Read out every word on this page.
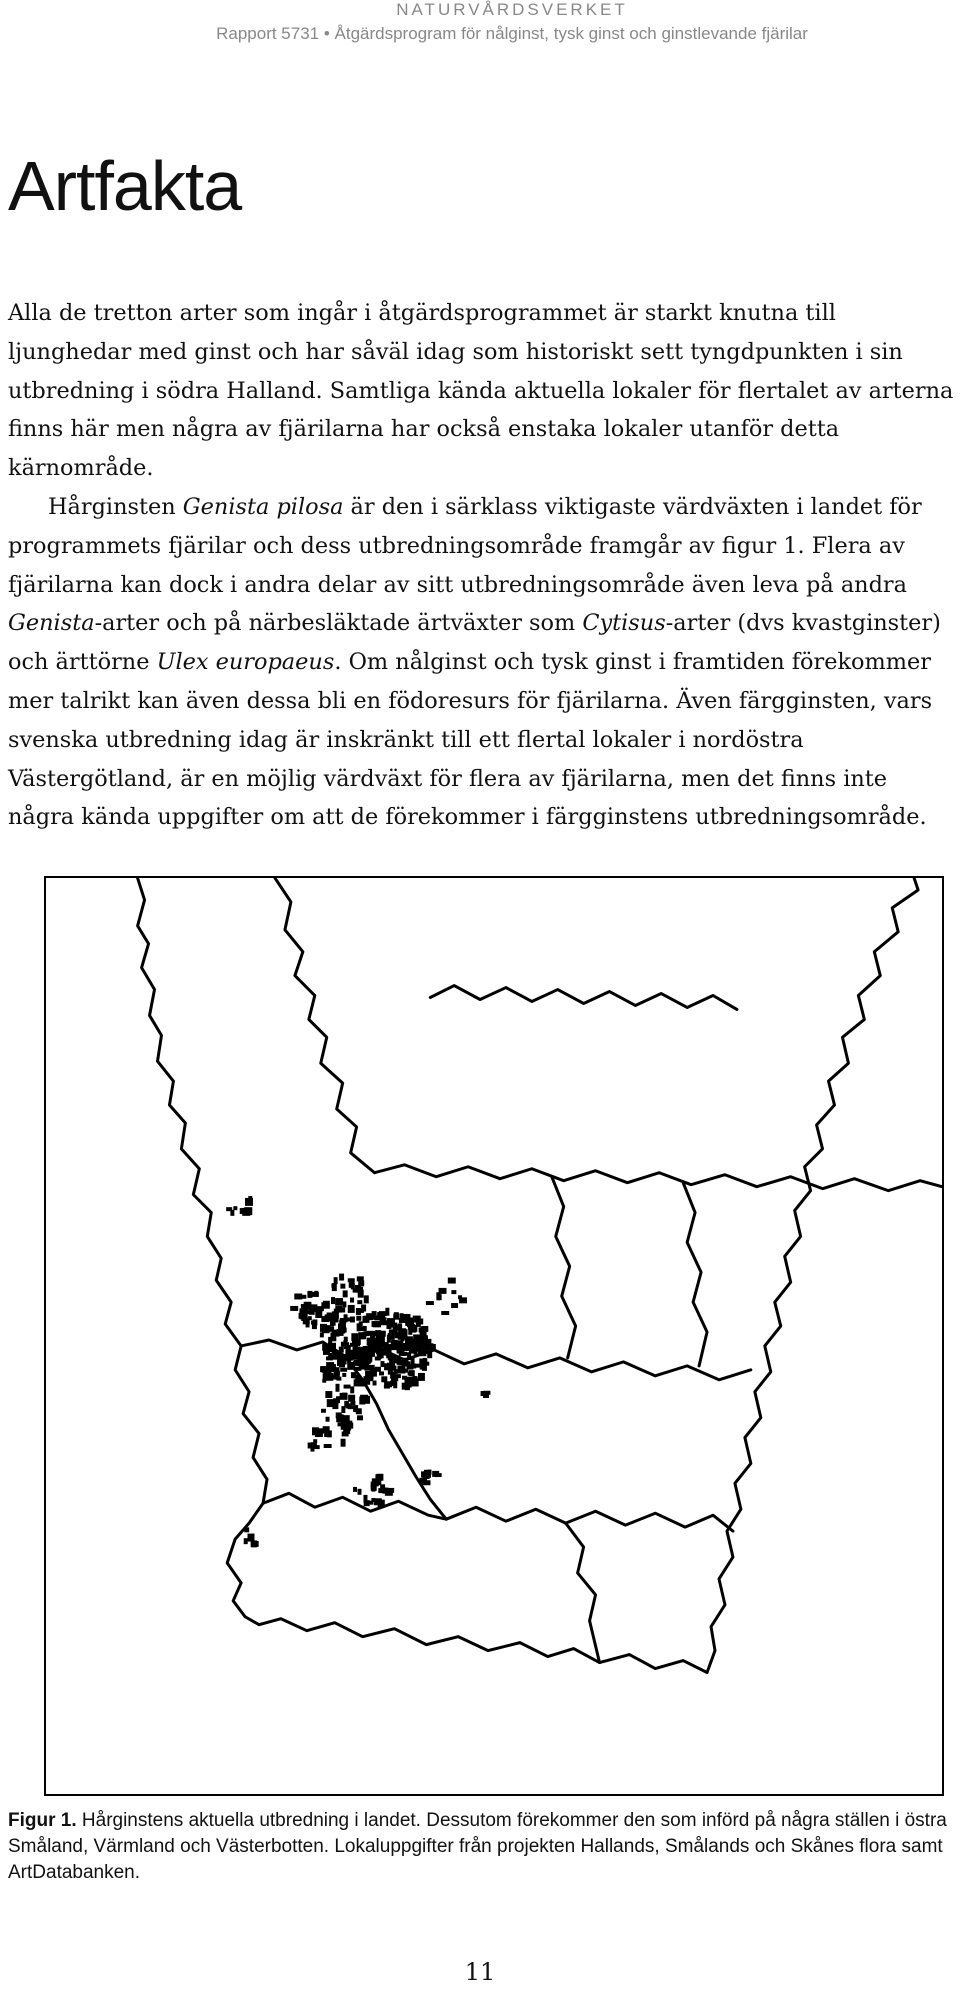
NATURVÅRDSVERKET
Rapport 5731 • Åtgärdsprogram för nålginst, tysk ginst och ginstlevande fjärilar
Artfakta

Alla de tretton arter som ingår i åtgärdsprogrammet är starkt knutna till ljunghedar med ginst och har såväl idag som historiskt sett tyngdpunkten i sin utbredning i södra Halland. Samtliga kända aktuella lokaler för flertalet av arterna finns här men några av fjärilarna har också enstaka lokaler utanför detta kärnområde.

Hårginsten Genista pilosa är den i särklass viktigaste värdväxten i landet för programmets fjärilar och dess utbredningsområde framgår av figur 1. Flera av fjärilarna kan dock i andra delar av sitt utbredningsområde även leva på andra Genista-arter och på närbesläktade ärtväxter som Cytisus-arter (dvs kvastginster) och ärttörne Ulex europaeus. Om nålginst och tysk ginst i framtiden förekommer mer talrikt kan även dessa bli en födoresurs för fjärilarna. Även färgginsten, vars svenska utbredning idag är inskränkt till ett flertal lokaler i nordöstra Västergötland, är en möjlig värdväxt för flera av fjärilarna, men det finns inte några kända uppgifter om att de förekommer i färgginstens utbredningsområde.

Figur 1. Hårginstens aktuella utbredning i landet. Dessutom förekommer den som införd på några ställen i östra Småland, Värmland och Västerbotten. Lokaluppgifter från projekten Hallands, Smålands och Skånes flora samt ArtDatabanken.
11
